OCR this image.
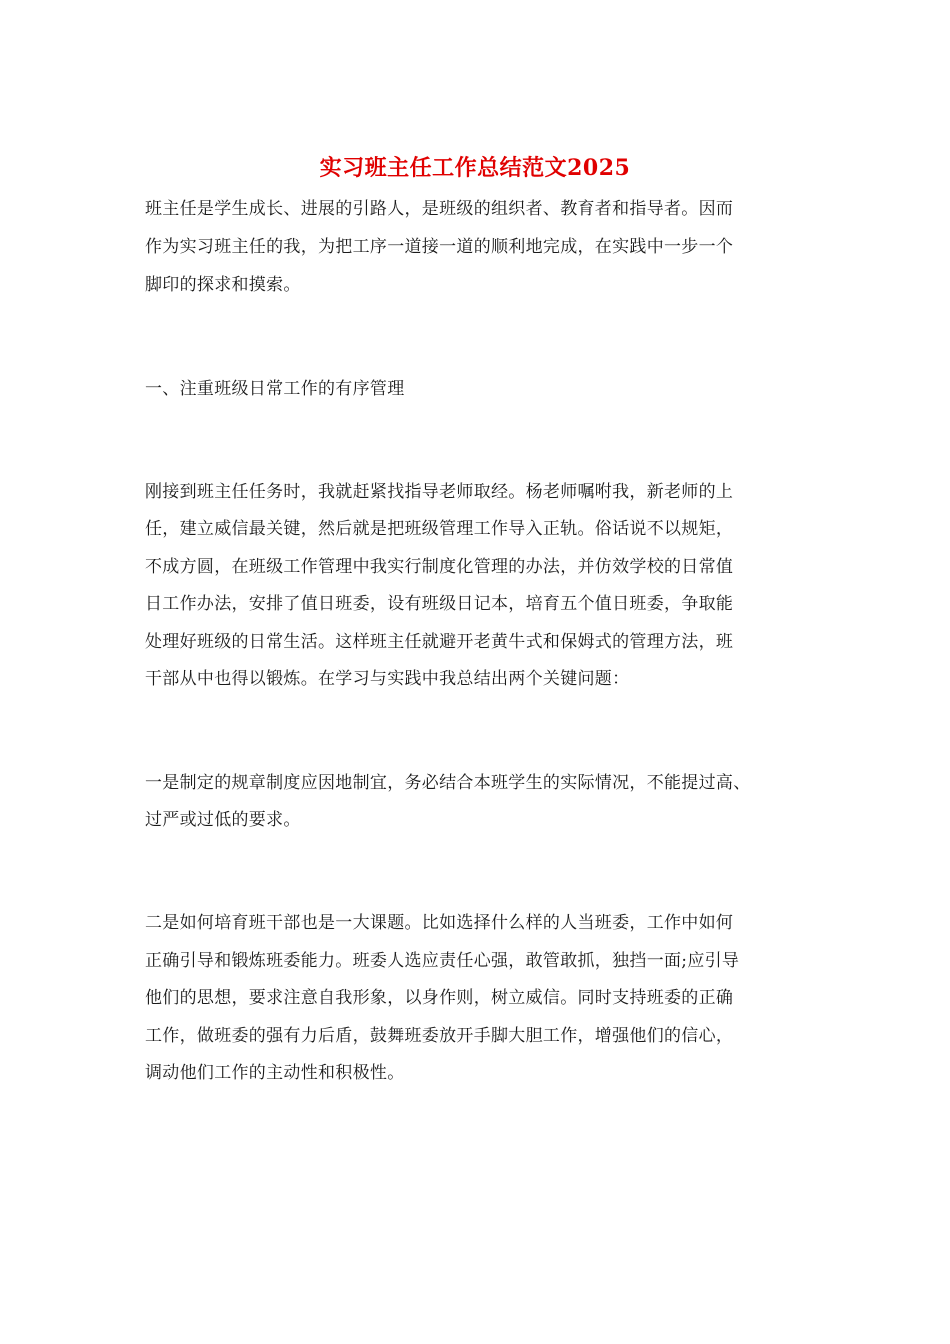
实习班主任工作总结范文2025
班主任是学生成长、进展的引路人，是班级的组织者、教育者和指导者。因而
作为实习班主任的我，为把工序一道接一道的顺利地完成，在实践中一步一个
脚印的探求和摸索。
一、注重班级日常工作的有序管理
刚接到班主任任务时，我就赶紧找指导老师取经。杨老师嘱咐我，新老师的上
任，建立威信最关键，然后就是把班级管理工作导入正轨。俗话说不以规矩，
不成方圆，在班级工作管理中我实行制度化管理的办法，并仿效学校的日常值
日工作办法，安排了值日班委，设有班级日记本，培育五个值日班委，争取能
处理好班级的日常生活。这样班主任就避开老黄牛式和保姆式的管理方法，班
干部从中也得以锻炼。在学习与实践中我总结出两个关键问题：
一是制定的规章制度应因地制宜，务必结合本班学生的实际情况，不能提过高、
过严或过低的要求。
二是如何培育班干部也是一大课题。比如选择什么样的人当班委，工作中如何
正确引导和锻炼班委能力。班委人选应责任心强，敢管敢抓，独挡一面;应引导
他们的思想，要求注意自我形象，以身作则，树立威信。同时支持班委的正确
工作，做班委的强有力后盾，鼓舞班委放开手脚大胆工作，增强他们的信心，
调动他们工作的主动性和积极性。
